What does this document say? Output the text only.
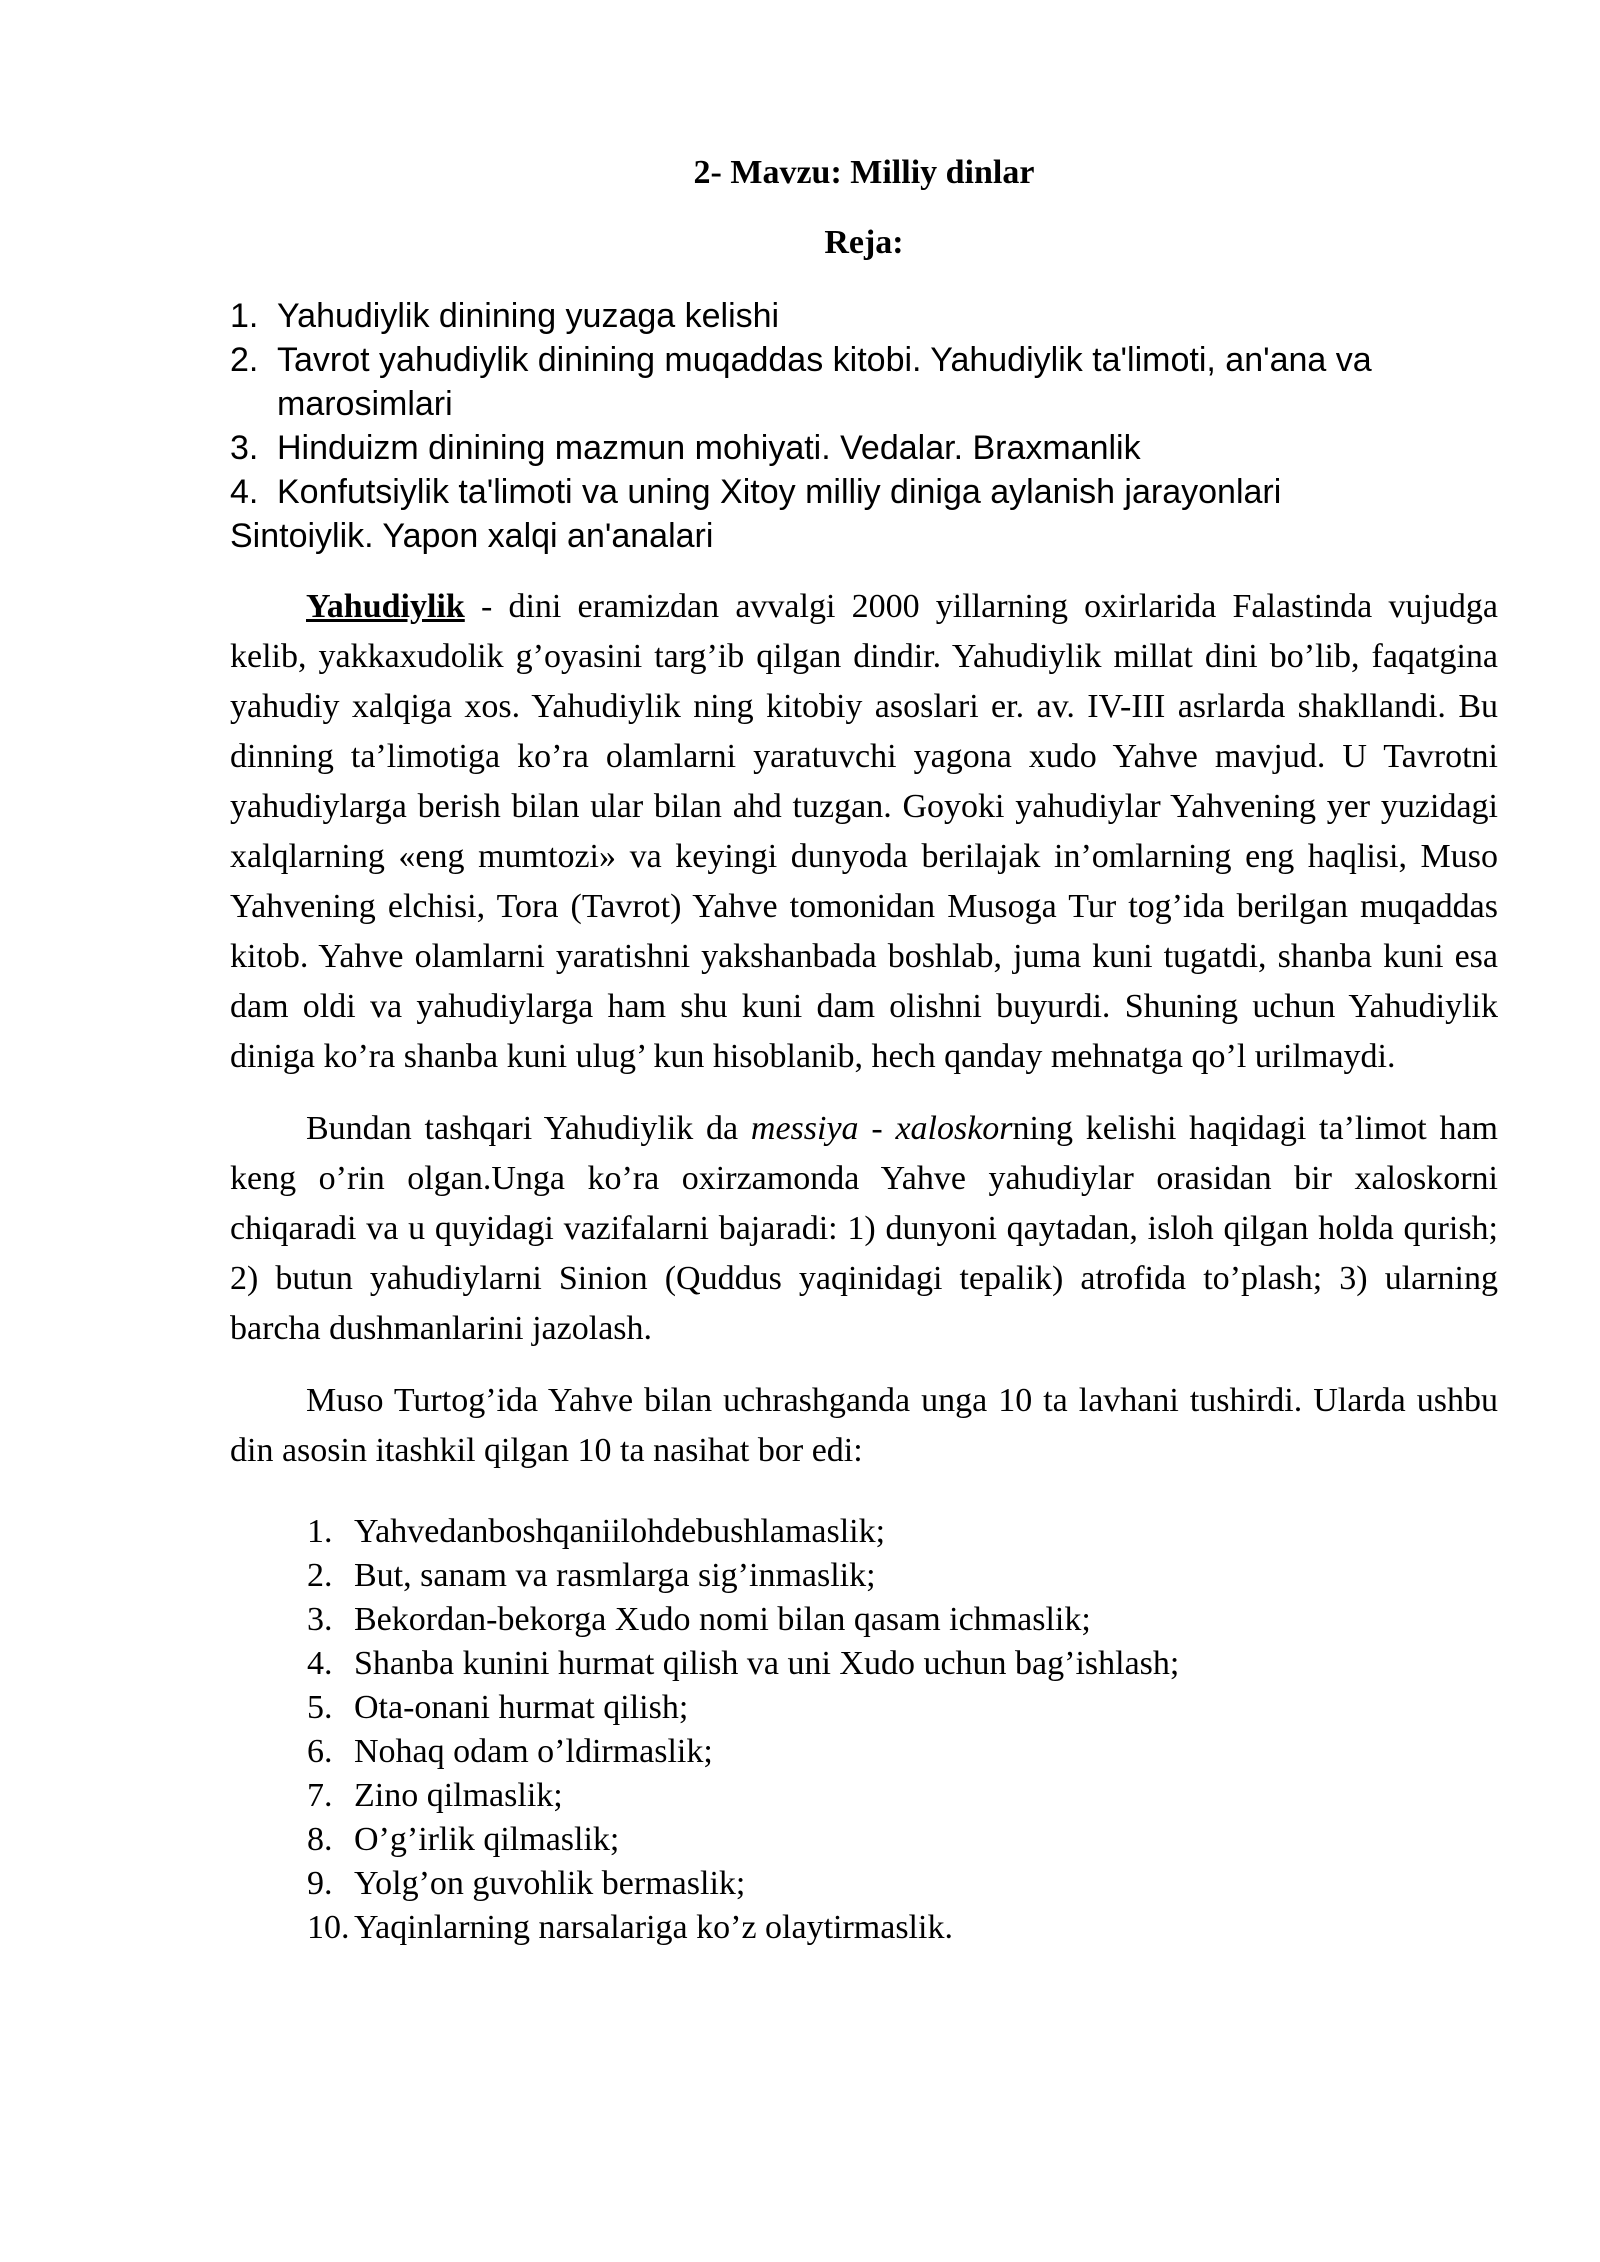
2- Mavzu: Milliy dinlar
Reja:
1. Yahudiylik dinining yuzaga kelishi
2. Tavrot yahudiylik dinining muqaddas kitobi. Yahudiylik ta'limoti, an'ana va marosimlari
3. Hinduizm dinining mazmun mohiyati. Vedalar. Braxmanlik
4. Konfutsiylik ta'limoti va uning Xitoy milliy diniga aylanish jarayonlari
Sintoiylik. Yapon xalqi an'analari

Yahudiylik - dini eramizdan avvalgi 2000 yillarning oxirlarida Falastinda vujudga kelib, yakkaxudolik g’oyasini targ’ib qilgan dindir. Yahudiylik millat dini bo’lib, faqatgina yahudiy xalqiga xos. Yahudiylik ning kitobiy asoslari er. av. IV-III asrlarda shakllandi. Bu dinning ta’limotiga ko’ra olamlarni yaratuvchi yagona xudo Yahve mavjud. U Tavrotni yahudiylarga berish bilan ular bilan ahd tuzgan. Goyoki yahudiylar Yahvening yer yuzidagi xalqlarning «eng mumtozi» va keyingi dunyoda berilajak in’omlarning eng haqlisi, Muso Yahvening elchisi, Tora (Tavrot) Yahve tomonidan Musoga Tur tog’ida berilgan muqaddas kitob. Yahve olamlarni yaratishni yakshanbada boshlab, juma kuni tugatdi, shanba kuni esa dam oldi va yahudiylarga ham shu kuni dam olishni buyurdi. Shuning uchun Yahudiylik diniga ko’ra shanba kuni ulug’ kun hisoblanib, hech qanday mehnatga qo’l urilmaydi.

Bundan tashqari Yahudiylik da messiya - xaloskorning kelishi haqidagi ta’limot ham keng o’rin olgan.Unga ko’ra oxirzamonda Yahve yahudiylar orasidan bir xaloskorni chiqaradi va u quyidagi vazifalarni bajaradi: 1) dunyoni qaytadan, isloh qilgan holda qurish; 2) butun yahudiylarni Sinion (Quddus yaqinidagi tepalik) atrofida to’plash; 3) ularning barcha dushmanlarini jazolash.

Muso Turtog’ida Yahve bilan uchrashganda unga 10 ta lavhani tushirdi. Ularda ushbu din asosin itashkil qilgan 10 ta nasihat bor edi:

1. Yahvedanboshqaniilohdebushlamaslik;
2. But, sanam va rasmlarga sig’inmaslik;
3. Bekordan-bekorga Xudo nomi bilan qasam ichmaslik;
4. Shanba kunini hurmat qilish va uni Xudo uchun bag’ishlash;
5. Ota-onani hurmat qilish;
6. Nohaq odam o’ldirmaslik;
7. Zino qilmaslik;
8. O’g’irlik qilmaslik;
9. Yolg’on guvohlik bermaslik;
10. Yaqinlarning narsalariga ko’z olaytirmaslik.
